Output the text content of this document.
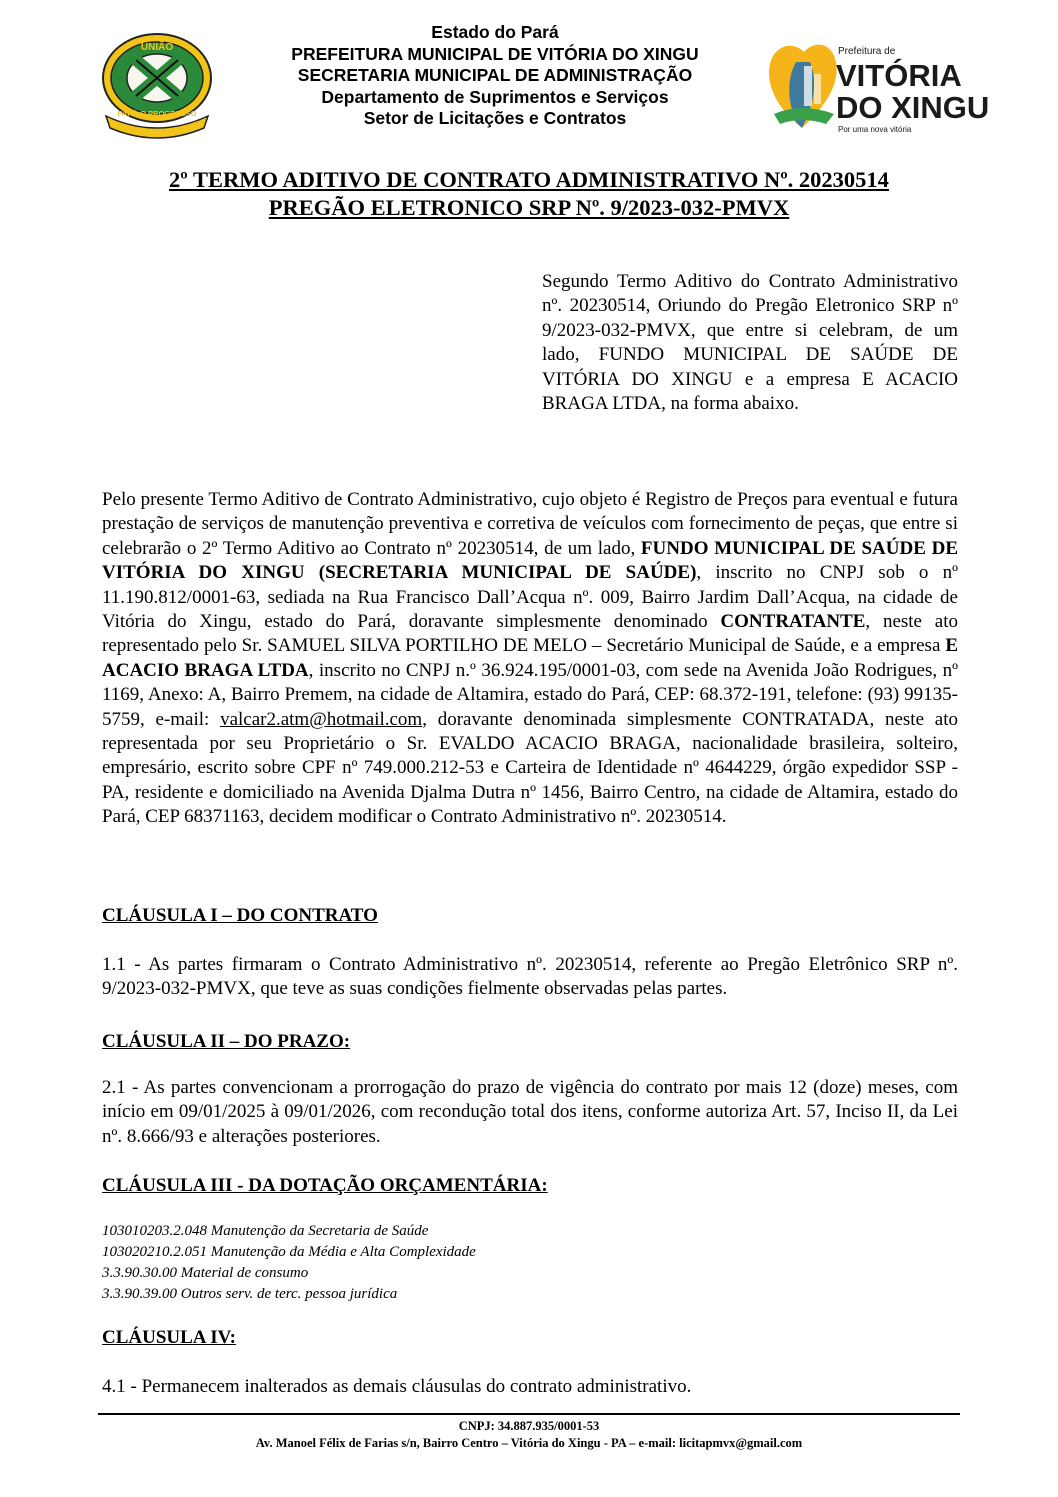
UNIÃO
PARÁ O PROGRESSO
Estado do Pará
PREFEITURA MUNICIPAL DE VITÓRIA DO XINGU
SECRETARIA MUNICIPAL DE ADMINISTRAÇÃO
Departamento de Suprimentos e Serviços
Setor de Licitações e Contratos
Prefeitura de
VITÓRIA
DO XINGU
Por uma nova vitória
2º TERMO ADITIVO DE CONTRATO ADMINISTRATIVO Nº. 20230514
PREGÃO ELETRONICO SRP Nº. 9/2023-032-PMVX

Segundo Termo Aditivo do Contrato Administrativo nº. 20230514, Oriundo do Pregão Eletronico SRP nº 9/2023-032-PMVX, que entre si celebram, de um lado, FUNDO MUNICIPAL DE SAÚDE DE VITÓRIA DO XINGU e a empresa E ACACIO BRAGA LTDA, na forma abaixo.

Pelo presente Termo Aditivo de Contrato Administrativo, cujo objeto é Registro de Preços para eventual e futura prestação de serviços de manutenção preventiva e corretiva de veículos com fornecimento de peças, que entre si celebrarão o 2º Termo Aditivo ao Contrato nº 20230514, de um lado, FUNDO MUNICIPAL DE SAÚDE DE VITÓRIA DO XINGU (SECRETARIA MUNICIPAL DE SAÚDE), inscrito no CNPJ sob o nº 11.190.812/0001-63, sediada na Rua Francisco Dall’Acqua nº. 009, Bairro Jardim Dall’Acqua, na cidade de Vitória do Xingu, estado do Pará, doravante simplesmente denominado CONTRATANTE, neste ato representado pelo Sr. SAMUEL SILVA PORTILHO DE MELO – Secretário Municipal de Saúde, e a empresa E ACACIO BRAGA LTDA, inscrito no CNPJ n.º 36.924.195/0001-03, com sede na Avenida João Rodrigues, nº 1169, Anexo: A, Bairro Premem, na cidade de Altamira, estado do Pará, CEP: 68.372-191, telefone: (93) 99135-5759, e-mail: valcar2.atm@hotmail.com, doravante denominada simplesmente CONTRATADA, neste ato representada por seu Proprietário o Sr. EVALDO ACACIO BRAGA, nacionalidade brasileira, solteiro, empresário, escrito sobre CPF nº 749.000.212-53 e Carteira de Identidade nº 4644229, órgão expedidor SSP - PA, residente e domiciliado na Avenida Djalma Dutra nº 1456, Bairro Centro, na cidade de Altamira, estado do Pará, CEP 68371163, decidem modificar o Contrato Administrativo nº. 20230514.

CLÁUSULA I – DO CONTRATO

1.1 - As partes firmaram o Contrato Administrativo nº. 20230514, referente ao Pregão Eletrônico SRP nº. 9/2023-032-PMVX, que teve as suas condições fielmente observadas pelas partes.

CLÁUSULA II – DO PRAZO:

2.1 - As partes convencionam a prorrogação do prazo de vigência do contrato por mais 12 (doze) meses, com início em 09/01/2025 à 09/01/2026, com recondução total dos itens, conforme autoriza Art. 57, Inciso II, da Lei nº. 8.666/93 e alterações posteriores.

CLÁUSULA III - DA DOTAÇÃO ORÇAMENTÁRIA:
103010203.2.048 Manutenção da Secretaria de Saúde
103020210.2.051 Manutenção da Média e Alta Complexidade
3.3.90.30.00 Material de consumo
3.3.90.39.00 Outros serv. de terc. pessoa jurídica
CLÁUSULA IV:
4.1 - Permanecem inalterados as demais cláusulas do contrato administrativo.
CNPJ: 34.887.935/0001-53
Av. Manoel Félix de Farias s/n, Bairro Centro – Vitória do Xingu - PA – e-mail: licitapmvx@gmail.com
